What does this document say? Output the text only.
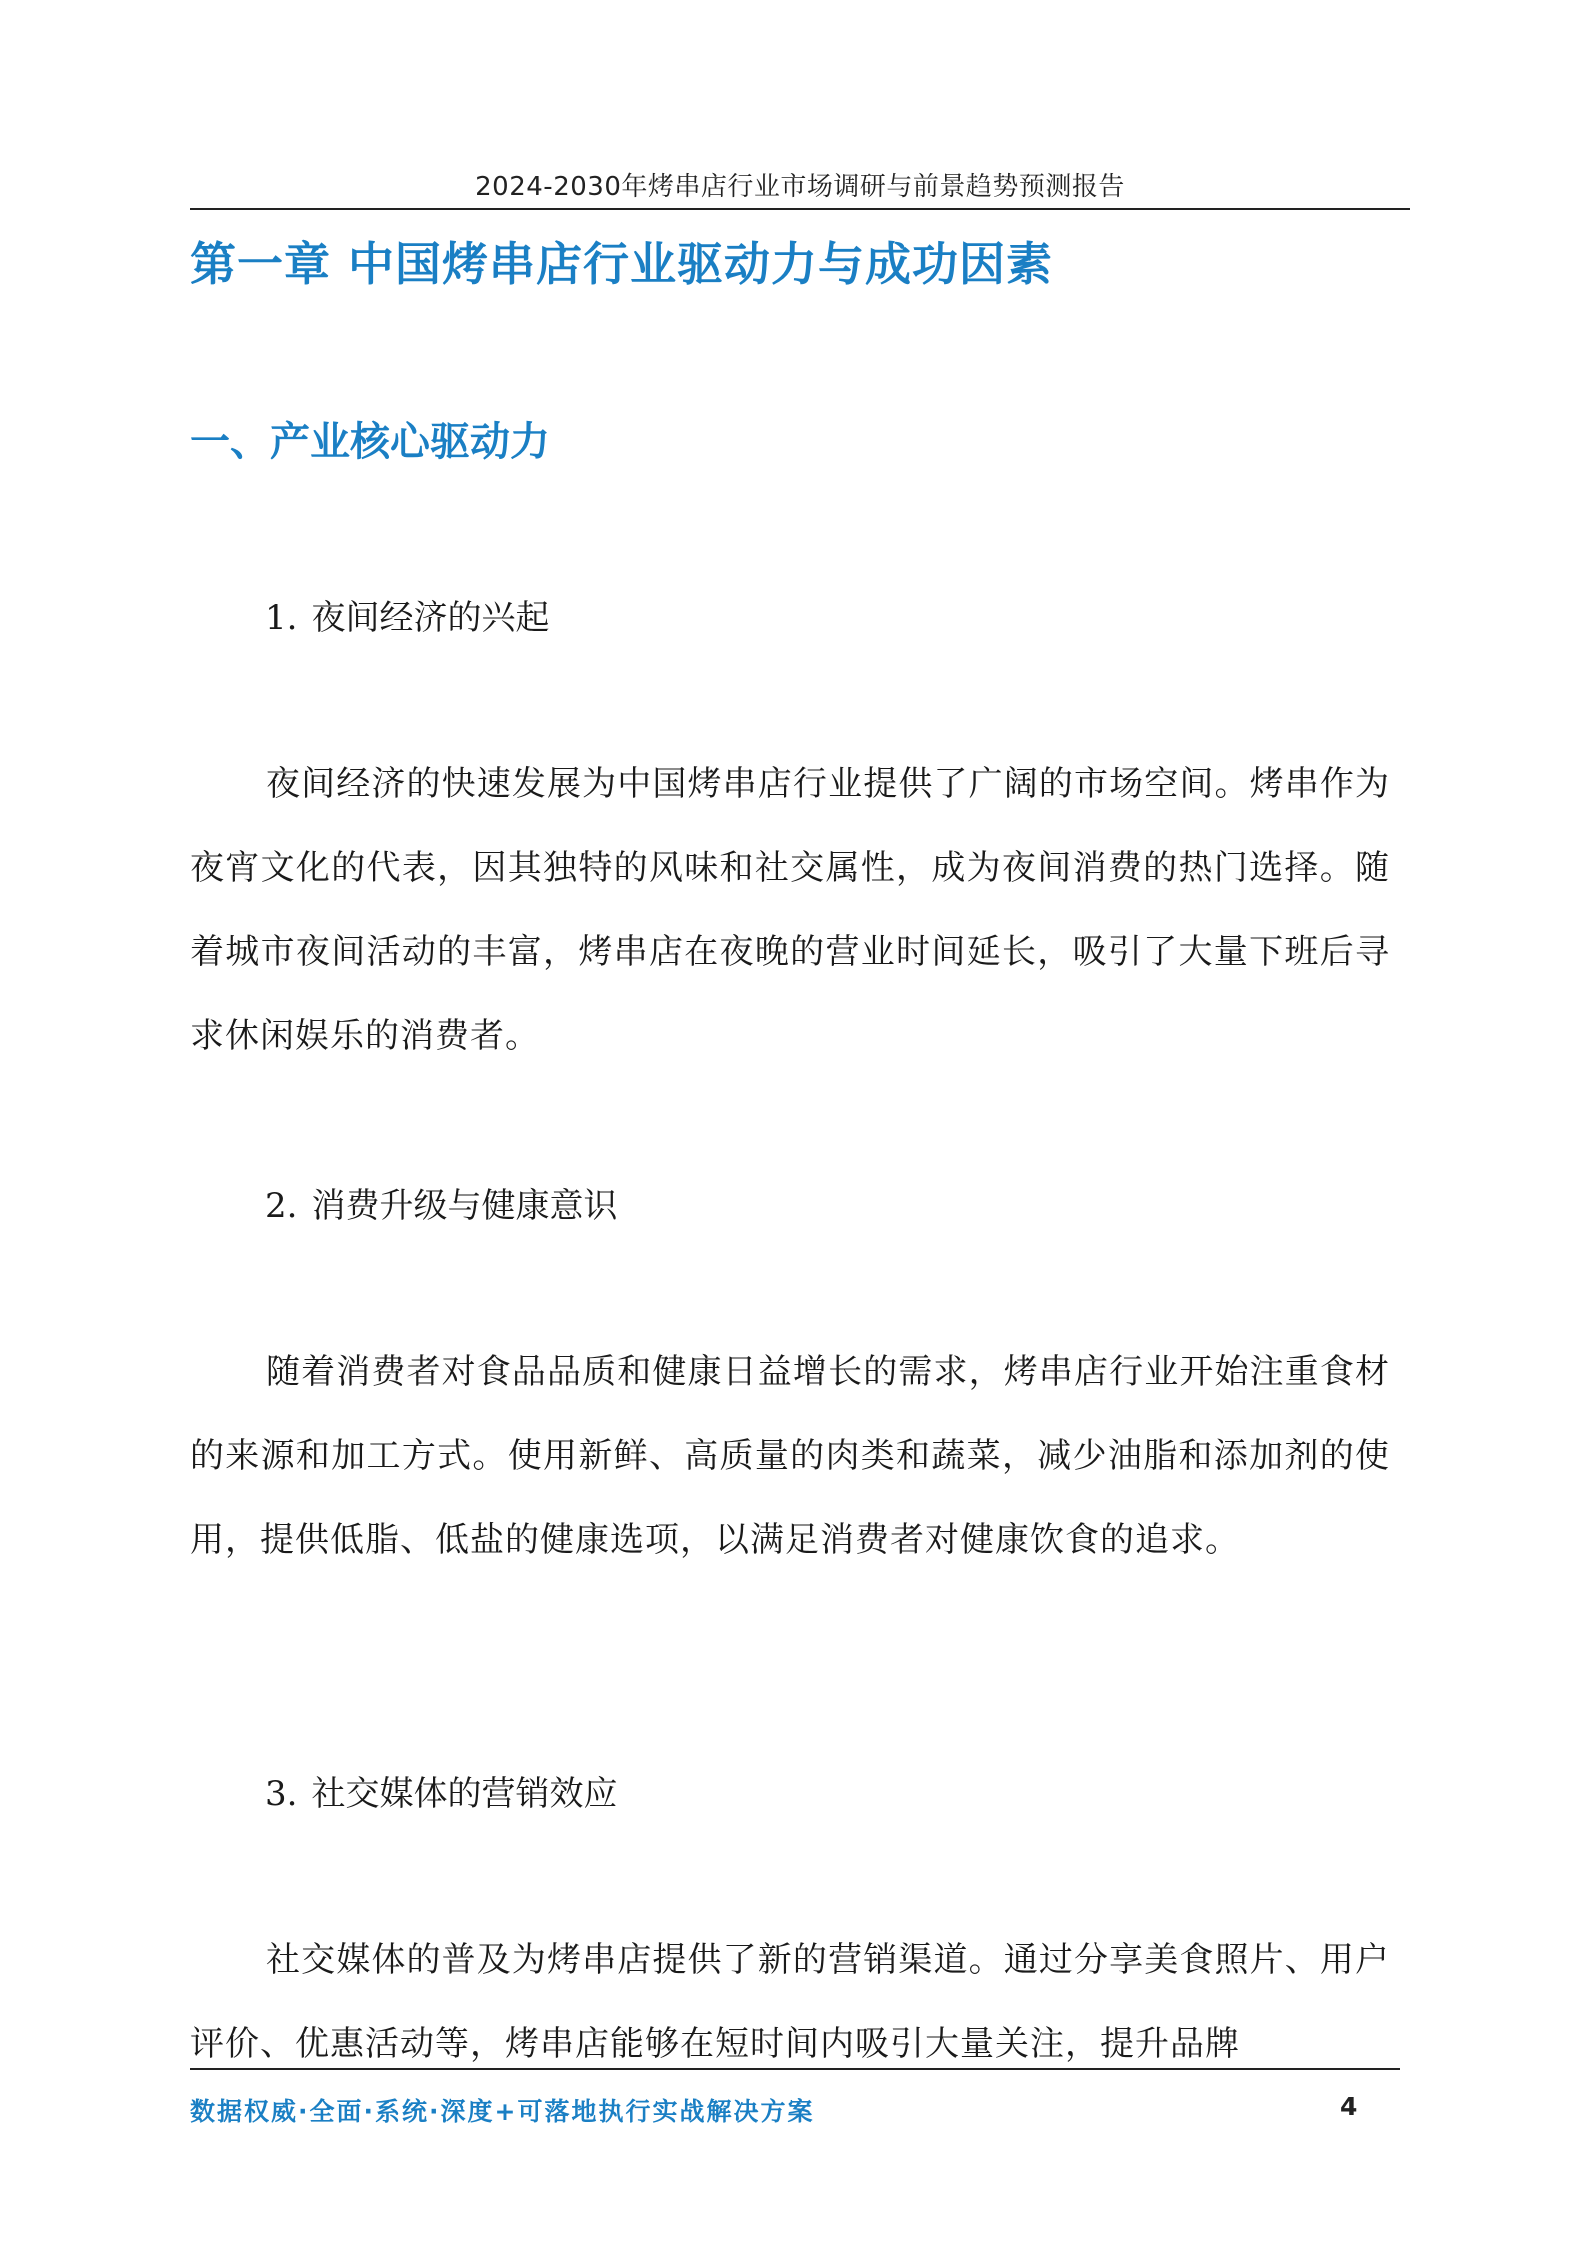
2024-2030年烤串店行业市场调研与前景趋势预测报告
第一章 中国烤串店行业驱动力与成功因素
一、产业核心驱动力
1. 夜间经济的兴起
夜间经济的快速发展为中国烤串店行业提供了广阔的市场空间。烤串作为夜宵文化的代表，因其独特的风味和社交属性，成为夜间消费的热门选择。随着城市夜间活动的丰富，烤串店在夜晚的营业时间延长，吸引了大量下班后寻求休闲娱乐的消费者。
2. 消费升级与健康意识
随着消费者对食品品质和健康日益增长的需求，烤串店行业开始注重食材的来源和加工方式。使用新鲜、高质量的肉类和蔬菜，减少油脂和添加剂的使用，提供低脂、低盐的健康选项，以满足消费者对健康饮食的追求。
3. 社交媒体的营销效应
社交媒体的普及为烤串店提供了新的营销渠道。通过分享美食照片、用户评价、优惠活动等，烤串店能够在短时间内吸引大量关注，提升品牌
数据权威·全面·系统·深度+可落地执行实战解决方案	4
